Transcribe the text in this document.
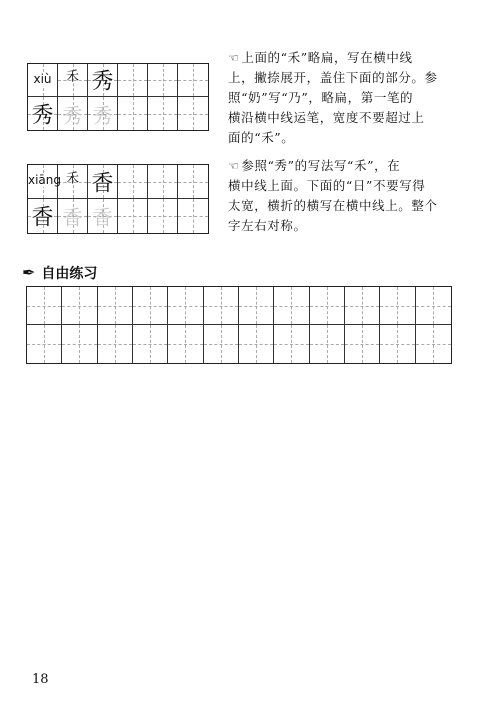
xiù	禾 秀
秀 秀 秀
☜ 上面的“禾”略扁，写在横中线
上，撇捺展开，盖住下面的部分。参
照“奶”写“乃”，略扁，第一笔的
横沿横中线运笔，宽度不要超过上
面的“禾”。
xiāng 禾 香
香 香 香
☜ 参照“秀”的写法写“禾”，在
横中线上面。下面的“日”不要写得
太宽，横折的横写在横中线上。整个
字左右对称。
✒ 自由练习
18
